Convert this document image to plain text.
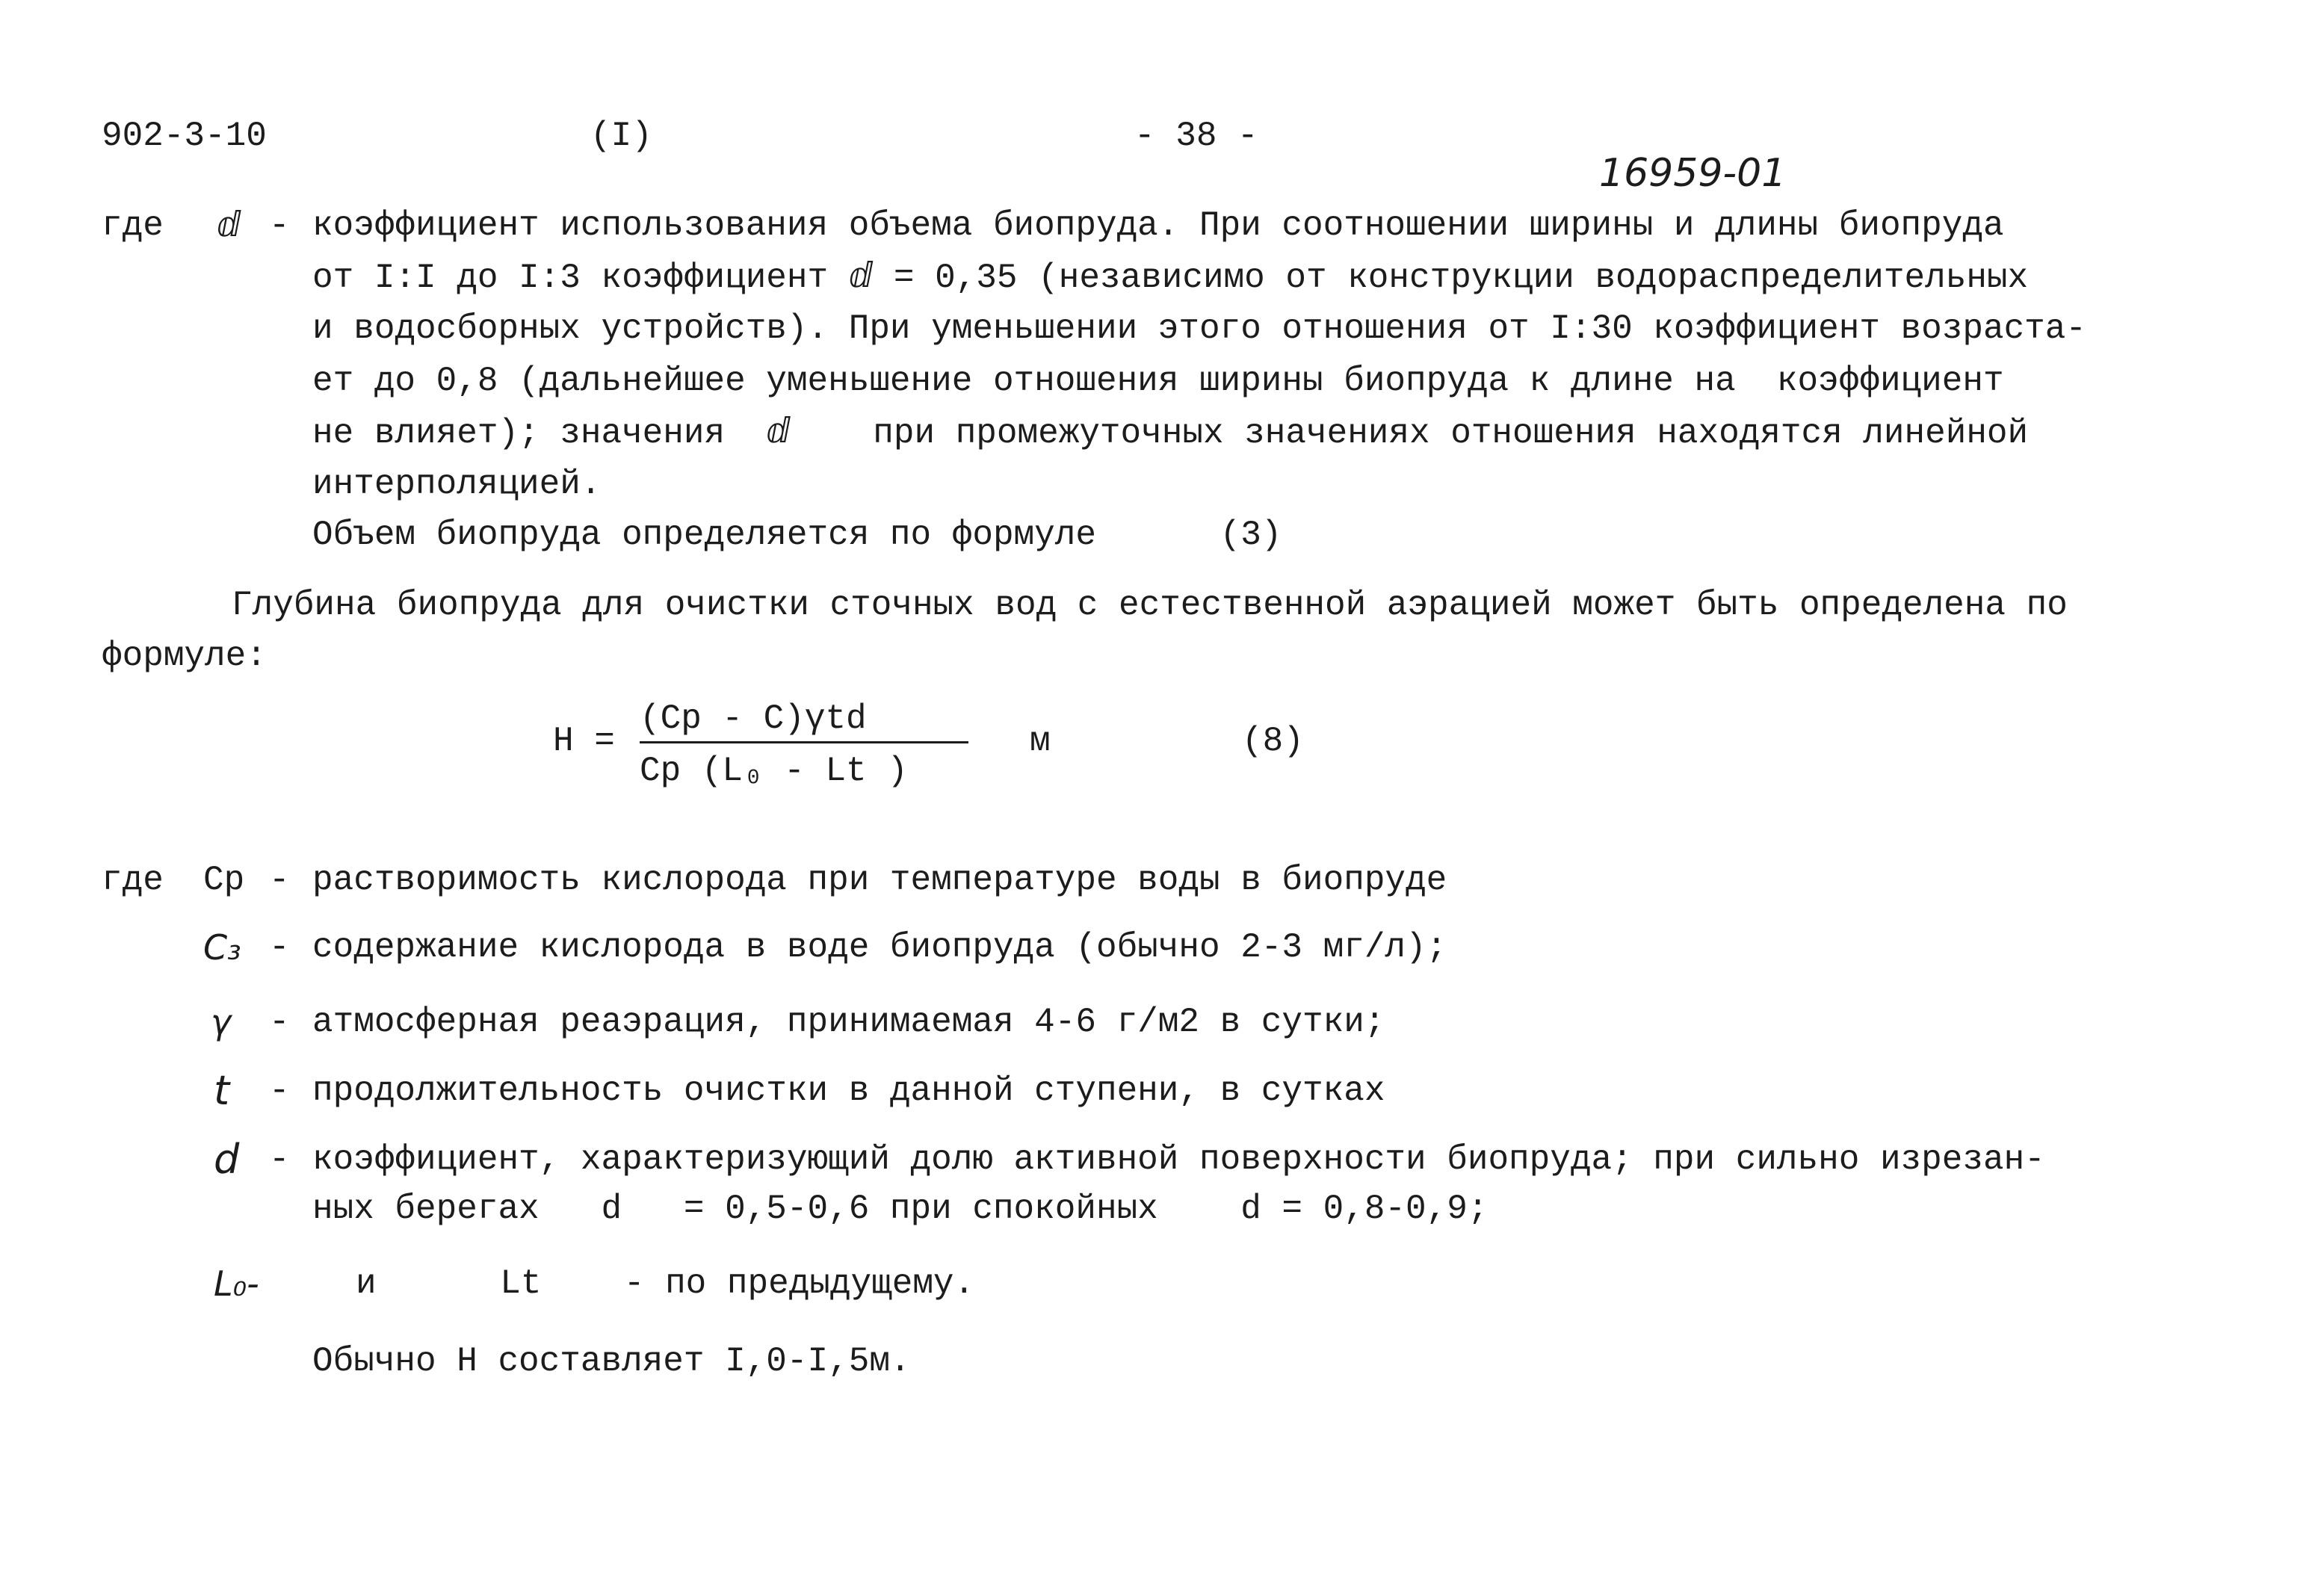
902-3-10	(I)	- 38 -
16959-01
где ⅆ - коэффициент использования объема биопруда. При соотношении ширины и длины биопруда
от I:I до I:3 коэффициент ⅆ = 0,35 (независимо от конструкции водораспределительных
и водосборных устройств). При уменьшении этого отношения от I:30 коэффициент возраста-
ет до 0,8 (дальнейшее уменьшение отношения ширины биопруда к длине на  коэффициент
не влияет); значения  ⅆ    при промежуточных значениях отношения находятся линейной
интерполяцией.
Объем биопруда определяется по формуле      (3)
Глубина биопруда для очистки сточных вод с естественной аэрацией может быть определена по
формуле:
H =
(Cp - C)γtd
Cp (L₀ - Lt )
м	(8)
где Cp - растворимость кислорода при температуре воды в биопруде
C₃ - содержание кислорода в воде биопруда (обычно 2-3 мг/л);
γ - атмосферная реаэрация, принимаемая 4-6 г/м2 в сутки;
t - продолжительность очистки в данной ступени, в сутках
d - коэффициент, характеризующий долю активной поверхности биопруда; при сильно изрезан-
ных берегах   d   = 0,5-0,6 при спокойных    d = 0,8-0,9;
L₀-	и      Lt    - по предыдущему.
Обычно H составляет I,0-I,5м.
